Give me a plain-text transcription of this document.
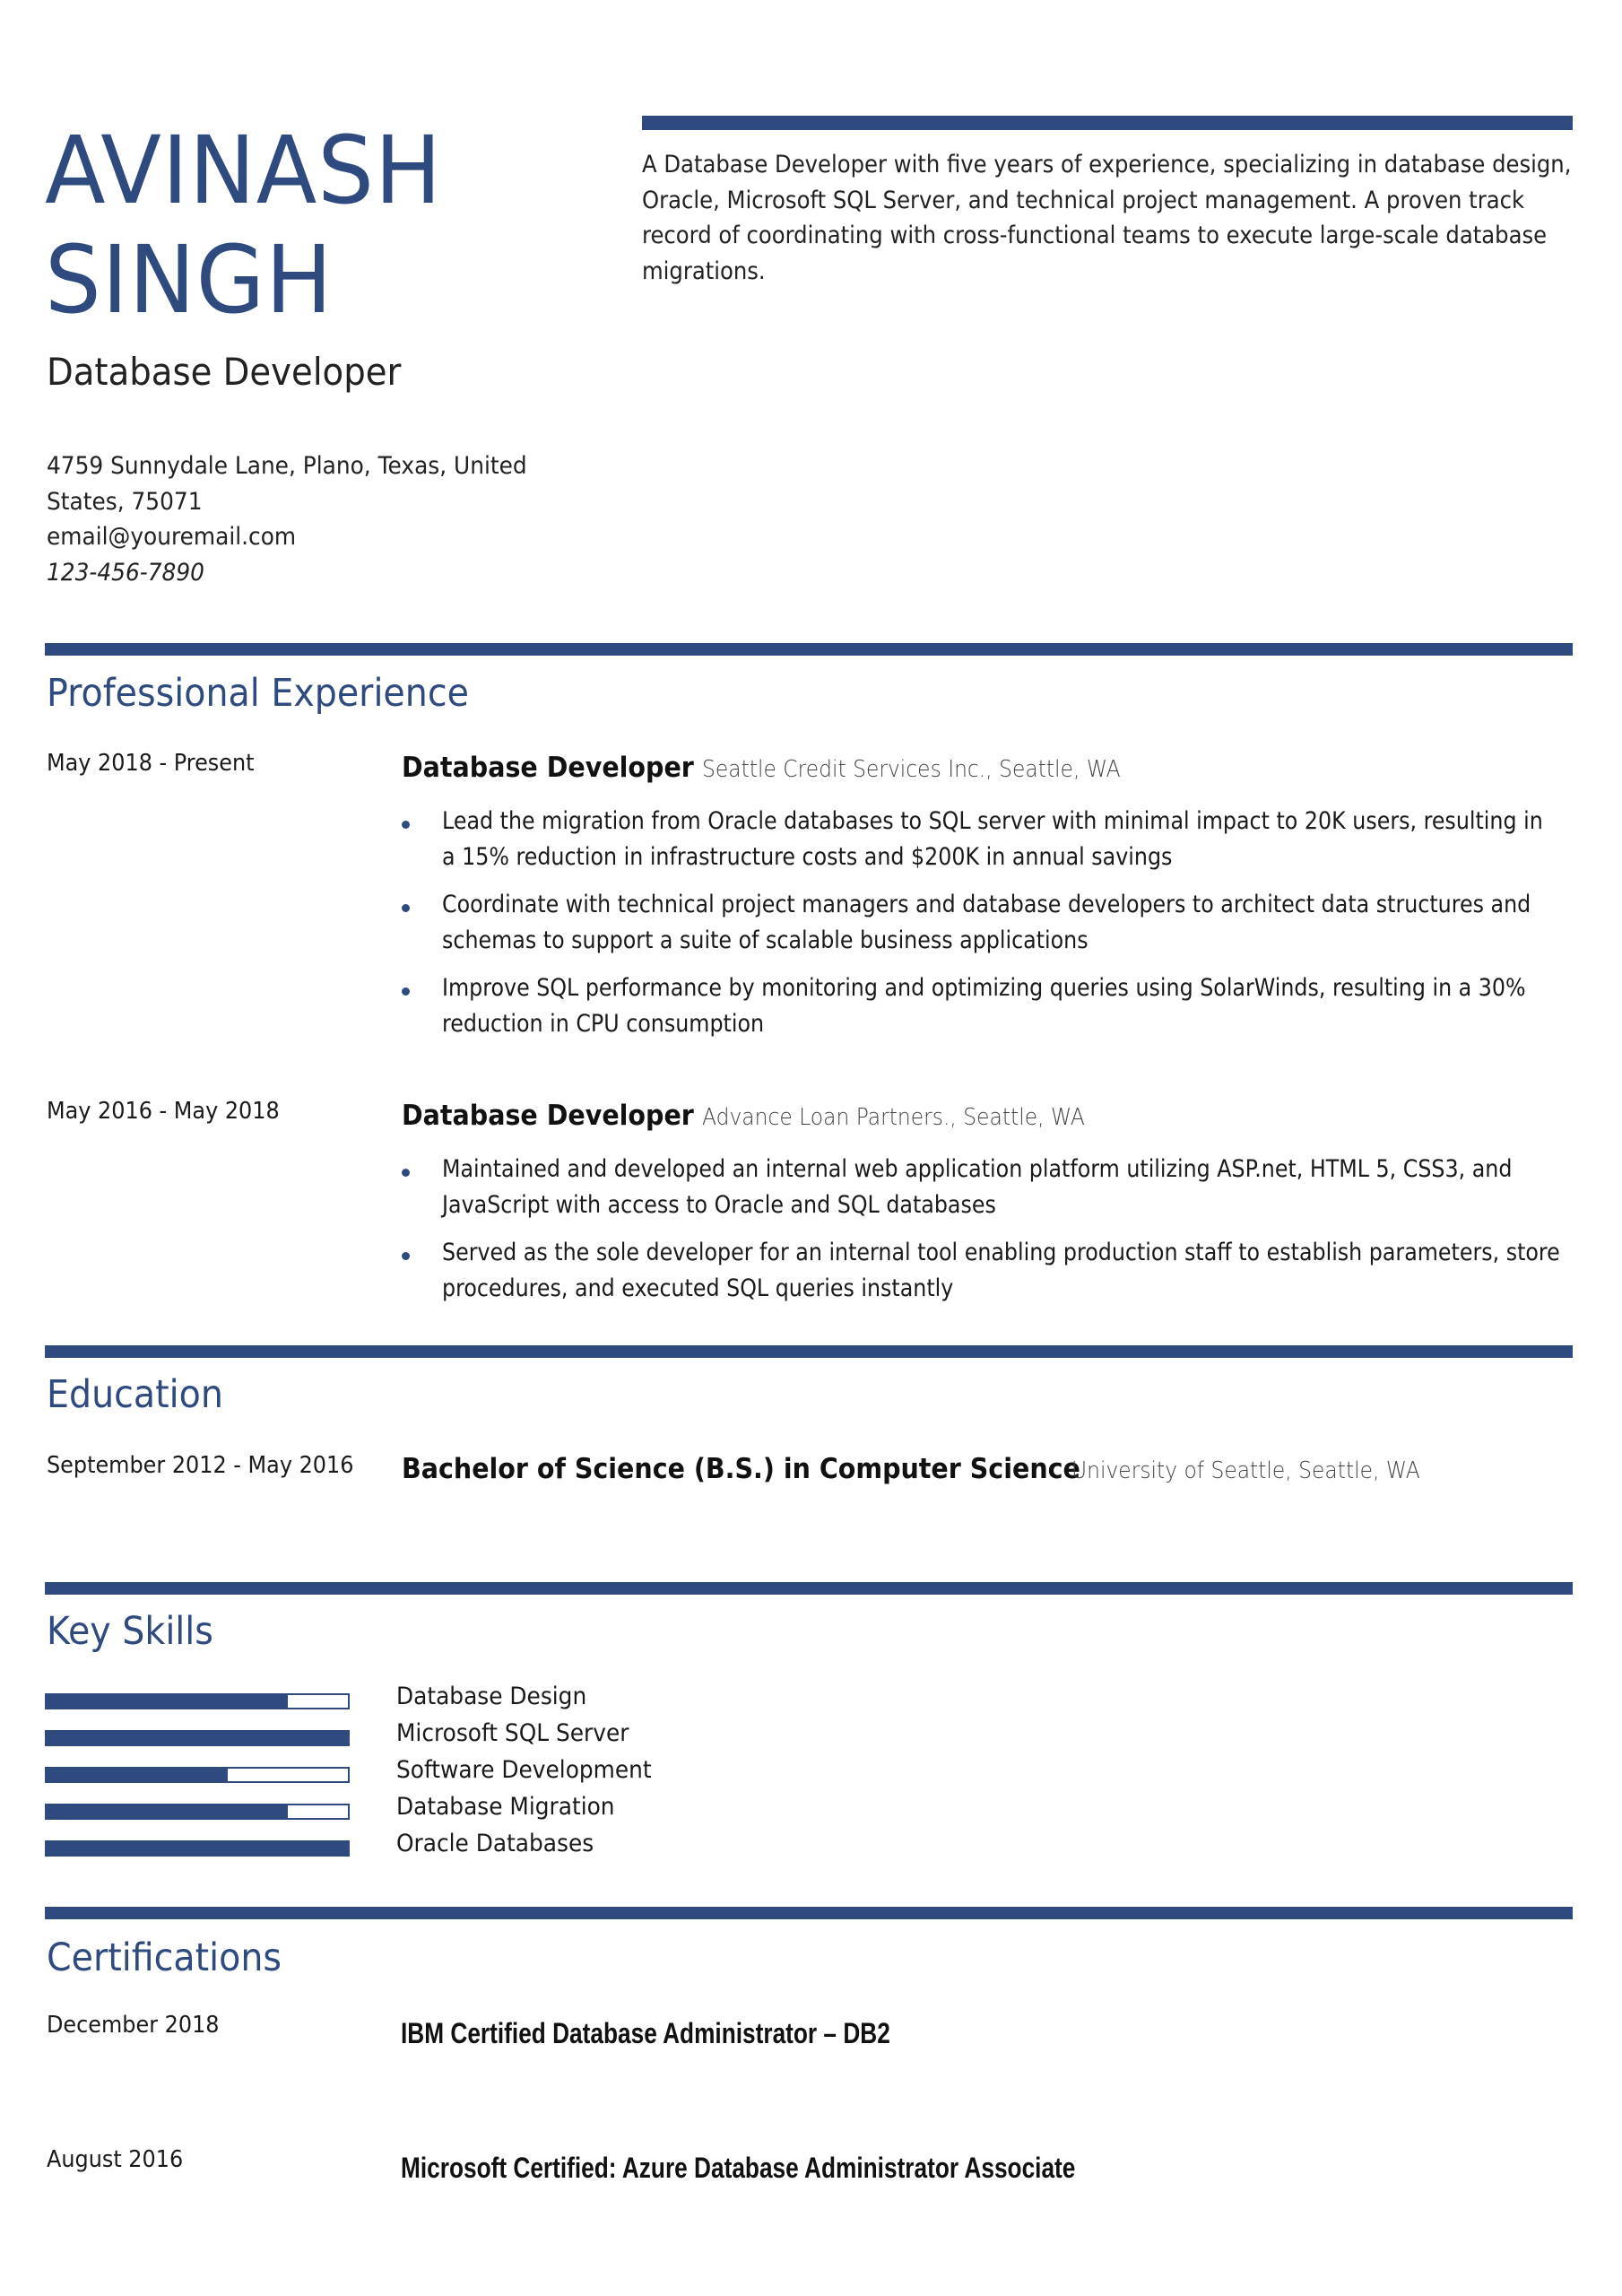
AVINASH
SINGH
Database Developer
4759 Sunnydale Lane, Plano, Texas, United
States, 75071
email@youremail.com
123-456-7890
A Database Developer with five years of experience, specializing in database design,
Oracle, Microsoft SQL Server, and technical project management. A proven track
record of coordinating with cross-functional teams to execute large-scale database
migrations.
Professional Experience
May 2018 - Present	Database Developer Seattle Credit Services Inc., Seattle, WA
Lead the migration from Oracle databases to SQL server with minimal impact to 20K users, resulting in a 15% reduction in infrastructure costs and $200K in annual savings
Coordinate with technical project managers and database developers to architect data structures and schemas to support a suite of scalable business applications
Improve SQL performance by monitoring and optimizing queries using SolarWinds, resulting in a 30% reduction in CPU consumption
May 2016 - May 2018	Database Developer Advance Loan Partners., Seattle, WA
Maintained and developed an internal web application platform utilizing ASP.net, HTML 5, CSS3, and JavaScript with access to Oracle and SQL databases
Served as the sole developer for an internal tool enabling production staff to establish parameters, store procedures, and executed SQL queries instantly
Education
September 2012 - May 2016 Bachelor of Science (B.S.) in Computer Science
University of Seattle, Seattle, WA
Key Skills
Database Design
Microsoft SQL Server
Software Development
Database Migration
Oracle Databases
Certifications
December 2018	IBM Certified Database Administrator – DB2
August 2016	Microsoft Certified: Azure Database Administrator Associate
